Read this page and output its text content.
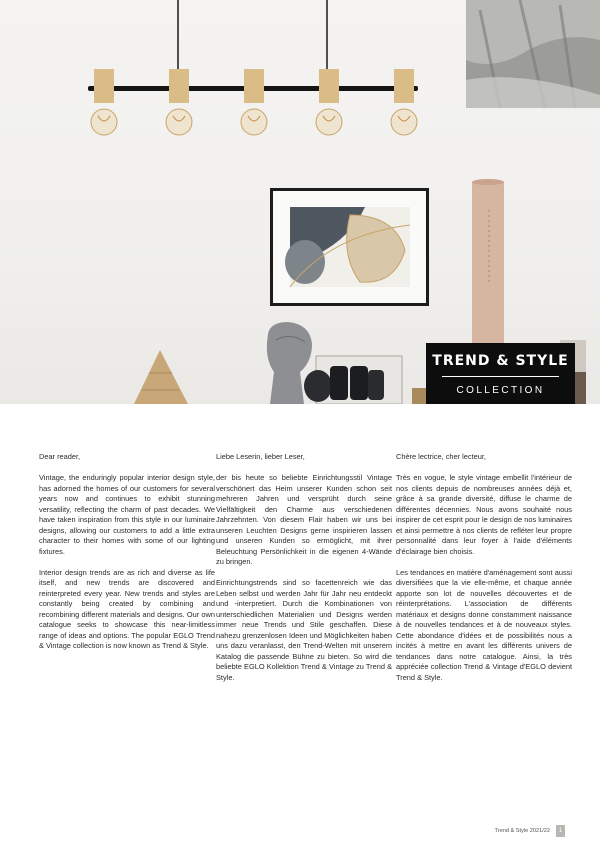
TREND & STYLE
COLLECTION

Dear reader,

Vintage, the enduringly popular interior design style, has adorned the homes of our customers for several years now and continues to exhibit stunning versatility, reflecting the charm of past decades. We have taken inspiration from this style in our luminaire designs, allowing our customers to add a little extra character to their homes with some of our lighting fixtures.

Interior design trends are as rich and diverse as life itself, and new trends are discovered and reinterpreted every year. New trends and styles are constantly being created by combining and recombining different materials and designs. Our own catalogue seeks to showcase this near-limitless range of ideas and options. The popular EGLO Trend & Vintage collection is now known as Trend & Style.

Liebe Leserin, lieber Leser,

der bis heute so beliebte Einrichtungsstil Vintage verschönert das Heim unserer Kunden schon seit mehreren Jahren und versprüht durch seine Vielfältigkeit den Charme aus verschiedenen Jahrzehnten. Von diesem Flair haben wir uns bei unseren Leuchten Designs gerne inspirieren lassen und unseren Kunden so ermöglicht, mit ihrer Beleuchtung Persönlichkeit in die eigenen 4-Wände zu bringen.

Einrichtungstrends sind so facettenreich wie das Leben selbst und werden Jahr für Jahr neu entdeckt und -interpretiert. Durch die Kombinationen von unterschiedlichen Materialien und Designs werden immer neue Trends und Stile geschaffen. Diese nahezu grenzenlosen Ideen und Möglichkeiten haben uns dazu veranlasst, den Trend-Welten mit unserem Katalog die passende Bühne zu bieten. So wird die beliebte EGLO Kollektion Trend & Vintage zu Trend & Style.

Chère lectrice, cher lecteur,

Très en vogue, le style vintage embellit l'intérieur de nos clients depuis de nombreuses années déjà et, grâce à sa grande diversité, diffuse le charme de différentes décennies. Nous avons souhaité nous inspirer de cet esprit pour le design de nos luminaires et ainsi permettre à nos clients de refléter leur propre personnalité dans leur foyer à l'aide d'éléments d'éclairage bien choisis.

Les tendances en matière d'aménagement sont aussi diversifiées que la vie elle-même, et chaque année apporte son lot de nouvelles découvertes et de réinterprétations. L'association de différents matériaux et designs donne constamment naissance à de nouvelles tendances et à de nouveaux styles. Cette abondance d'idées et de possibilités nous a incités à mettre en avant les différents univers de tendances dans notre catalogue. Ainsi, la très appréciée collection Trend & Vintage d'EGLO devient Trend & Style.

Trend & Style 2021/22	1
